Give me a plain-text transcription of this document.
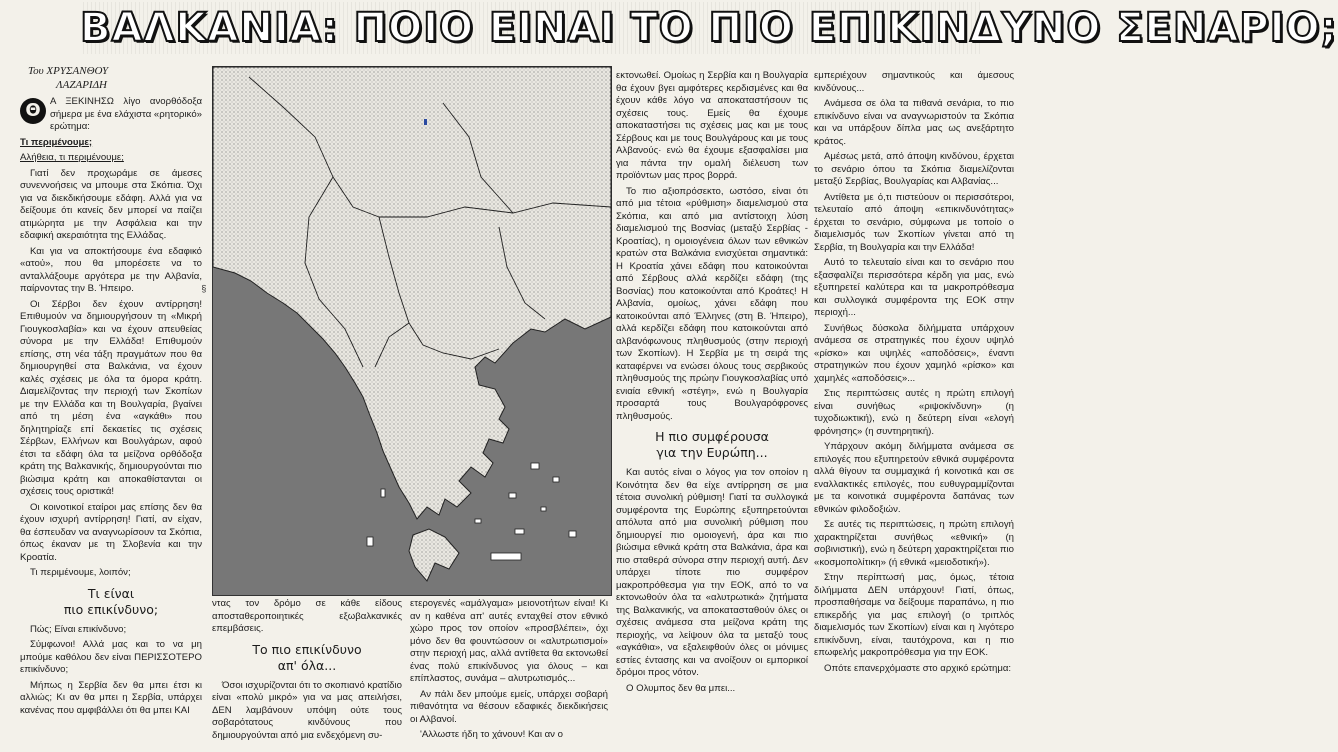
ΒΑΛΚΑΝΙΑ: ΠΟΙΟ ΕΙΝΑΙ ΤΟ ΠΙΟ ΕΠΙΚΙΝΔΥΝΟ ΣΕΝΑΡΙΟ;
Του ΧΡΥΣΑΝΘΟΥ
ΛΑΖΑΡΙΔΗ

Θ Α ΞΕΚΙΝΗΣΩ λίγο ανορθόδοξα σήμερα με ένα ελάχιστα «ρητορικό» ερώτημα:

Τι περιμένουμε;

Αλήθεια, τι περιμένουμε;

Γιατί δεν προχωράμε σε άμεσες συνεννοήσεις να μπουμε στα Σκόπια. Όχι για να διεκδικήσουμε εδάφη. Αλλά για να δείξουμε ότι κανείς δεν μπορεί να παίζει ατιμώρητα με την Ασφάλεια και την εδαφική ακεραιότητα της Ελλάδας.

Και για να αποκτήσουμε ένα εδαφικό «ατού», που θα μπορέσετε να το ανταλλάξουμε αργότερα με την Αλβανία, παίρνοντας την Β. Ήπειρο.

Οι Σέρβοι δεν έχουν αντίρρηση! Επιθυμούν να δημιουργήσουν τη «Μικρή Γιουγκοσλαβία» και να έχουν απευθείας σύνορα με την Ελλάδα! Επιθυμούν επίσης, στη νέα τάξη πραγμάτων που θα δημιουργηθεί στα Βαλκάνια, να έχουν καλές σχέσεις με όλα τα όμορα κράτη. Διαμελίζοντας την περιοχή των Σκοπίων με την Ελλάδα και τη Βουλγαρία, βγαίνει από τη μέση ένα «αγκάθι» που δηλητηρίαζε επί δεκαετίες τις σχέσεις Σέρβων, Ελλήνων και Βουλγάρων, αφού έτσι τα εδάφη όλα τα μείζονα ορθόδοξα κράτη της Βαλκανικής, δημιουργούνται πιο βιώσιμα κράτη και αποκαθίστανται οι σχέσεις τους οριστικά!

Οι κοινοτικοί εταίροι μας επίσης δεν θα έχουν ισχυρή αντίρρηση! Γιατί, αν είχαν, θα έσπευδαν να αναγνωρίσουν τα Σκόπια, όπως έκαναν με τη Σλοβενία και την Κροατία.

Τι περιμένουμε, λοιπόν;

Τι είναι
πιο επικίνδυνο;

Πώς; Είναι επικίνδυνο;

Σύμφωνοι! Αλλά μας και το να μη μπούμε καθόλου δεν είναι ΠΕΡΙΣΣΟΤΕΡΟ επικίνδυνο;

Μήπως η Σερβία δεν θα μπει έτσι κι αλλιώς; Κι αν θα μπει η Σερβία, υπάρχει κανένας που αμφιβάλλει ότι θα μπει ΚΑΙ

§

ντας τον δρόμο σε κάθε είδους αποσταθεροποιητικές εξωβαλκανικές επεμβάσεις.

Το πιο επικίνδυνο
απ' όλα...

Όσοι ισχυρίζονται ότι το σκοπιανό κρατίδιο είναι «πολύ μικρό» για να μας απειλήσει, ΔΕΝ λαμβάνουν υπόψη ούτε τους σοβαρότατους κινδύνους που δημιουργούνται από μια ενδεχόμενη συ-

ετερογενές «αμάλγαμα» μειονοτήτων είναι! Κι αν η καθένα απ' αυτές ενταχθεί στον εθνικό χώρο προς τον οποίον «προσβλέπει», όχι μόνο δεν θα φουντώσουν οι «αλυτρωτισμοί» στην περιοχή μας, αλλά αντίθετα θα εκτονωθεί ένας πολύ επικίνδυνος για όλους – και επίπλαστος, συνάμα – αλυτρωτισμός...

Αν πάλι δεν μπούμε εμείς, υπάρχει σοβαρή πιθανότητα να θέσουν εδαφικές διεκδικήσεις οι Αλβανοί.

'Αλλωστε ήδη το χάνουν! Και αν ο

εκτονωθεί. Ομοίως η Σερβία και η Βουλγαρία θα έχουν βγει αμφότερες κερδισμένες και θα έχουν κάθε λόγο να αποκαταστήσουν τις σχέσεις τους. Εμείς θα έχουμε αποκαταστήσει τις σχέσεις μας και με τους Σέρβους και με τους Βουλγάρους και με τους Αλβανούς· ενώ θα έχουμε εξασφαλίσει μια για πάντα την ομαλή διέλευση των προϊόντων μας προς βορρά.

Το πιο αξιοπρόσεκτο, ωστόσο, είναι ότι από μια τέτοια «ρύθμιση» διαμελισμού στα Σκόπια, και από μια αντίστοιχη λύση διαμελισμού της Βοσνίας (μεταξύ Σερβίας - Κροατίας), η ομοιογένεια όλων των εθνικών κρατών στα Βαλκάνια ενισχύεται σημαντικά: Η Κροατία χάνει εδάφη που κατοικούνται από Σέρβους αλλά κερδίζει εδάφη (της Βοσνίας) που κατοικούνται από Κροάτες! Η Αλβανία, ομοίως, χάνει εδάφη που κατοικούνται από Έλληνες (στη Β. Ήπειρο), αλλά κερδίζει εδάφη που κατοικούνται από αλβανόφωνους πληθυσμούς (στην περιοχή των Σκοπίων). Η Σερβία με τη σειρά της καταφέρνει να ενώσει όλους τους σερβικούς πληθυσμούς της πρώην Γιουγκοσλαβίας υπό ενιαία εθνική «στέγη», ενώ η Βουλγαρία προσαρτά τους Βουλγαρόφρονες πληθυσμούς.

Η πιο συμφέρουσα
για την Ευρώπη...

Και αυτός είναι ο λόγος για τον οποίον η Κοινότητα δεν θα είχε αντίρρηση σε μια τέτοια συνολική ρύθμιση! Γιατί τα συλλογικά συμφέροντα της Ευρώπης εξυπηρετούνται απόλυτα από μια συνολική ρύθμιση που δημιουργεί πιο ομοιογενή, άρα και πιο βιώσιμα εθνικά κράτη στα Βαλκάνια, άρα και πιο σταθερά σύνορα στην περιοχή αυτή. Δεν υπάρχει τίποτε πιο συμφέρον μακροπρόθεσμα για την ΕΟΚ, από το να εκτονωθούν όλα τα «αλυτρωτικά» ζητήματα της Βαλκανικής, να αποκατασταθούν όλες οι σχέσεις ανάμεσα στα μείζονα κράτη της περιοχής, να λείψουν όλα τα μεταξύ τους «αγκάθια», να εξαλειφθούν όλες οι μόνιμες εστίες έντασης και να ανοίξουν οι εμπορικοί δρόμοι προς νότον.

Ο Ολυμπος δεν θα μπει...

εμπεριέχουν σημαντικούς και άμεσους κινδύνους...

Ανάμεσα σε όλα τα πιθανά σενάρια, το πιο επικίνδυνο είναι να αναγνωριστούν τα Σκόπια και να υπάρξουν δίπλα μας ως ανεξάρτητο κράτος.

Αμέσως μετά, από άποψη κινδύνου, έρχεται το σενάριο όπου τα Σκόπια διαμελίζονται μεταξύ Σερβίας, Βουλγαρίας και Αλβανίας...

Αντίθετα με ό,τι πιστεύουν οι περισσότεροι, τελευταίο από άποψη «επικινδυνότητας» έρχεται το σενάριο, σύμφωνα με τοποίο ο διαμελισμός των Σκοπίων γίνεται από τη Σερβία, τη Βουλγαρία και την Ελλάδα!

Αυτό το τελευταίο είναι και το σενάριο που εξασφαλίζει περισσότερα κέρδη για μας, ενώ εξυπηρετεί καλύτερα και τα μακροπρόθεσμα και συλλογικά συμφέροντα της ΕΟΚ στην περιοχή...

Συνήθως δύσκολα διλήμματα υπάρχουν ανάμεσα σε στρατηγικές που έχουν υψηλό «ρίσκο» και υψηλές «αποδόσεις», έναντι στρατηγικών που έχουν χαμηλό «ρίσκο» και χαμηλές «αποδόσεις»...

Στις περιπτώσεις αυτές η πρώτη επιλογή είναι συνήθως «ριψοκίνδυνη» (η τυχοδιωκτική), ενώ η δεύτερη είναι «ελογή φρόνησης» (η συντηρητική).

Υπάρχουν ακόμη διλήμματα ανάμεσα σε επιλογές που εξυπηρετούν εθνικά συμφέροντα αλλά θίγουν τα συμμαχικά ή κοινοτικά και σε εναλλακτικές επιλογές, που ευθυγραμμίζονται με τα κοινοτικά συμφέροντα δαπάνας των εθνικών φιλοδοξιών.

Σε αυτές τις περιπτώσεις, η πρώτη επιλογή χαρακτηρίζεται συνήθως «εθνική» (η σοβινιστική), ενώ η δεύτερη χαρακτηρίζεται πιο «κοσμοπολίτικη» (ή εθνικά «μειοδοτική»).

Στην περίπτωσή μας, όμως, τέτοια διλήμματα ΔΕΝ υπάρχουν! Γιατί, όπως, προσπαθήσαμε να δείξουμε παραπάνω, η πιο επικερδής για μας επιλογή (ο τριπλός διαμελισμός των Σκοπίων) είναι και η λιγότερο επικίνδυνη, είναι, ταυτόχρονα, και η πιο επωφελής μακροπρόθεσμα για την ΕΟΚ.

Οπότε επανερχόμαστε στο αρχικό ερώτημα:
